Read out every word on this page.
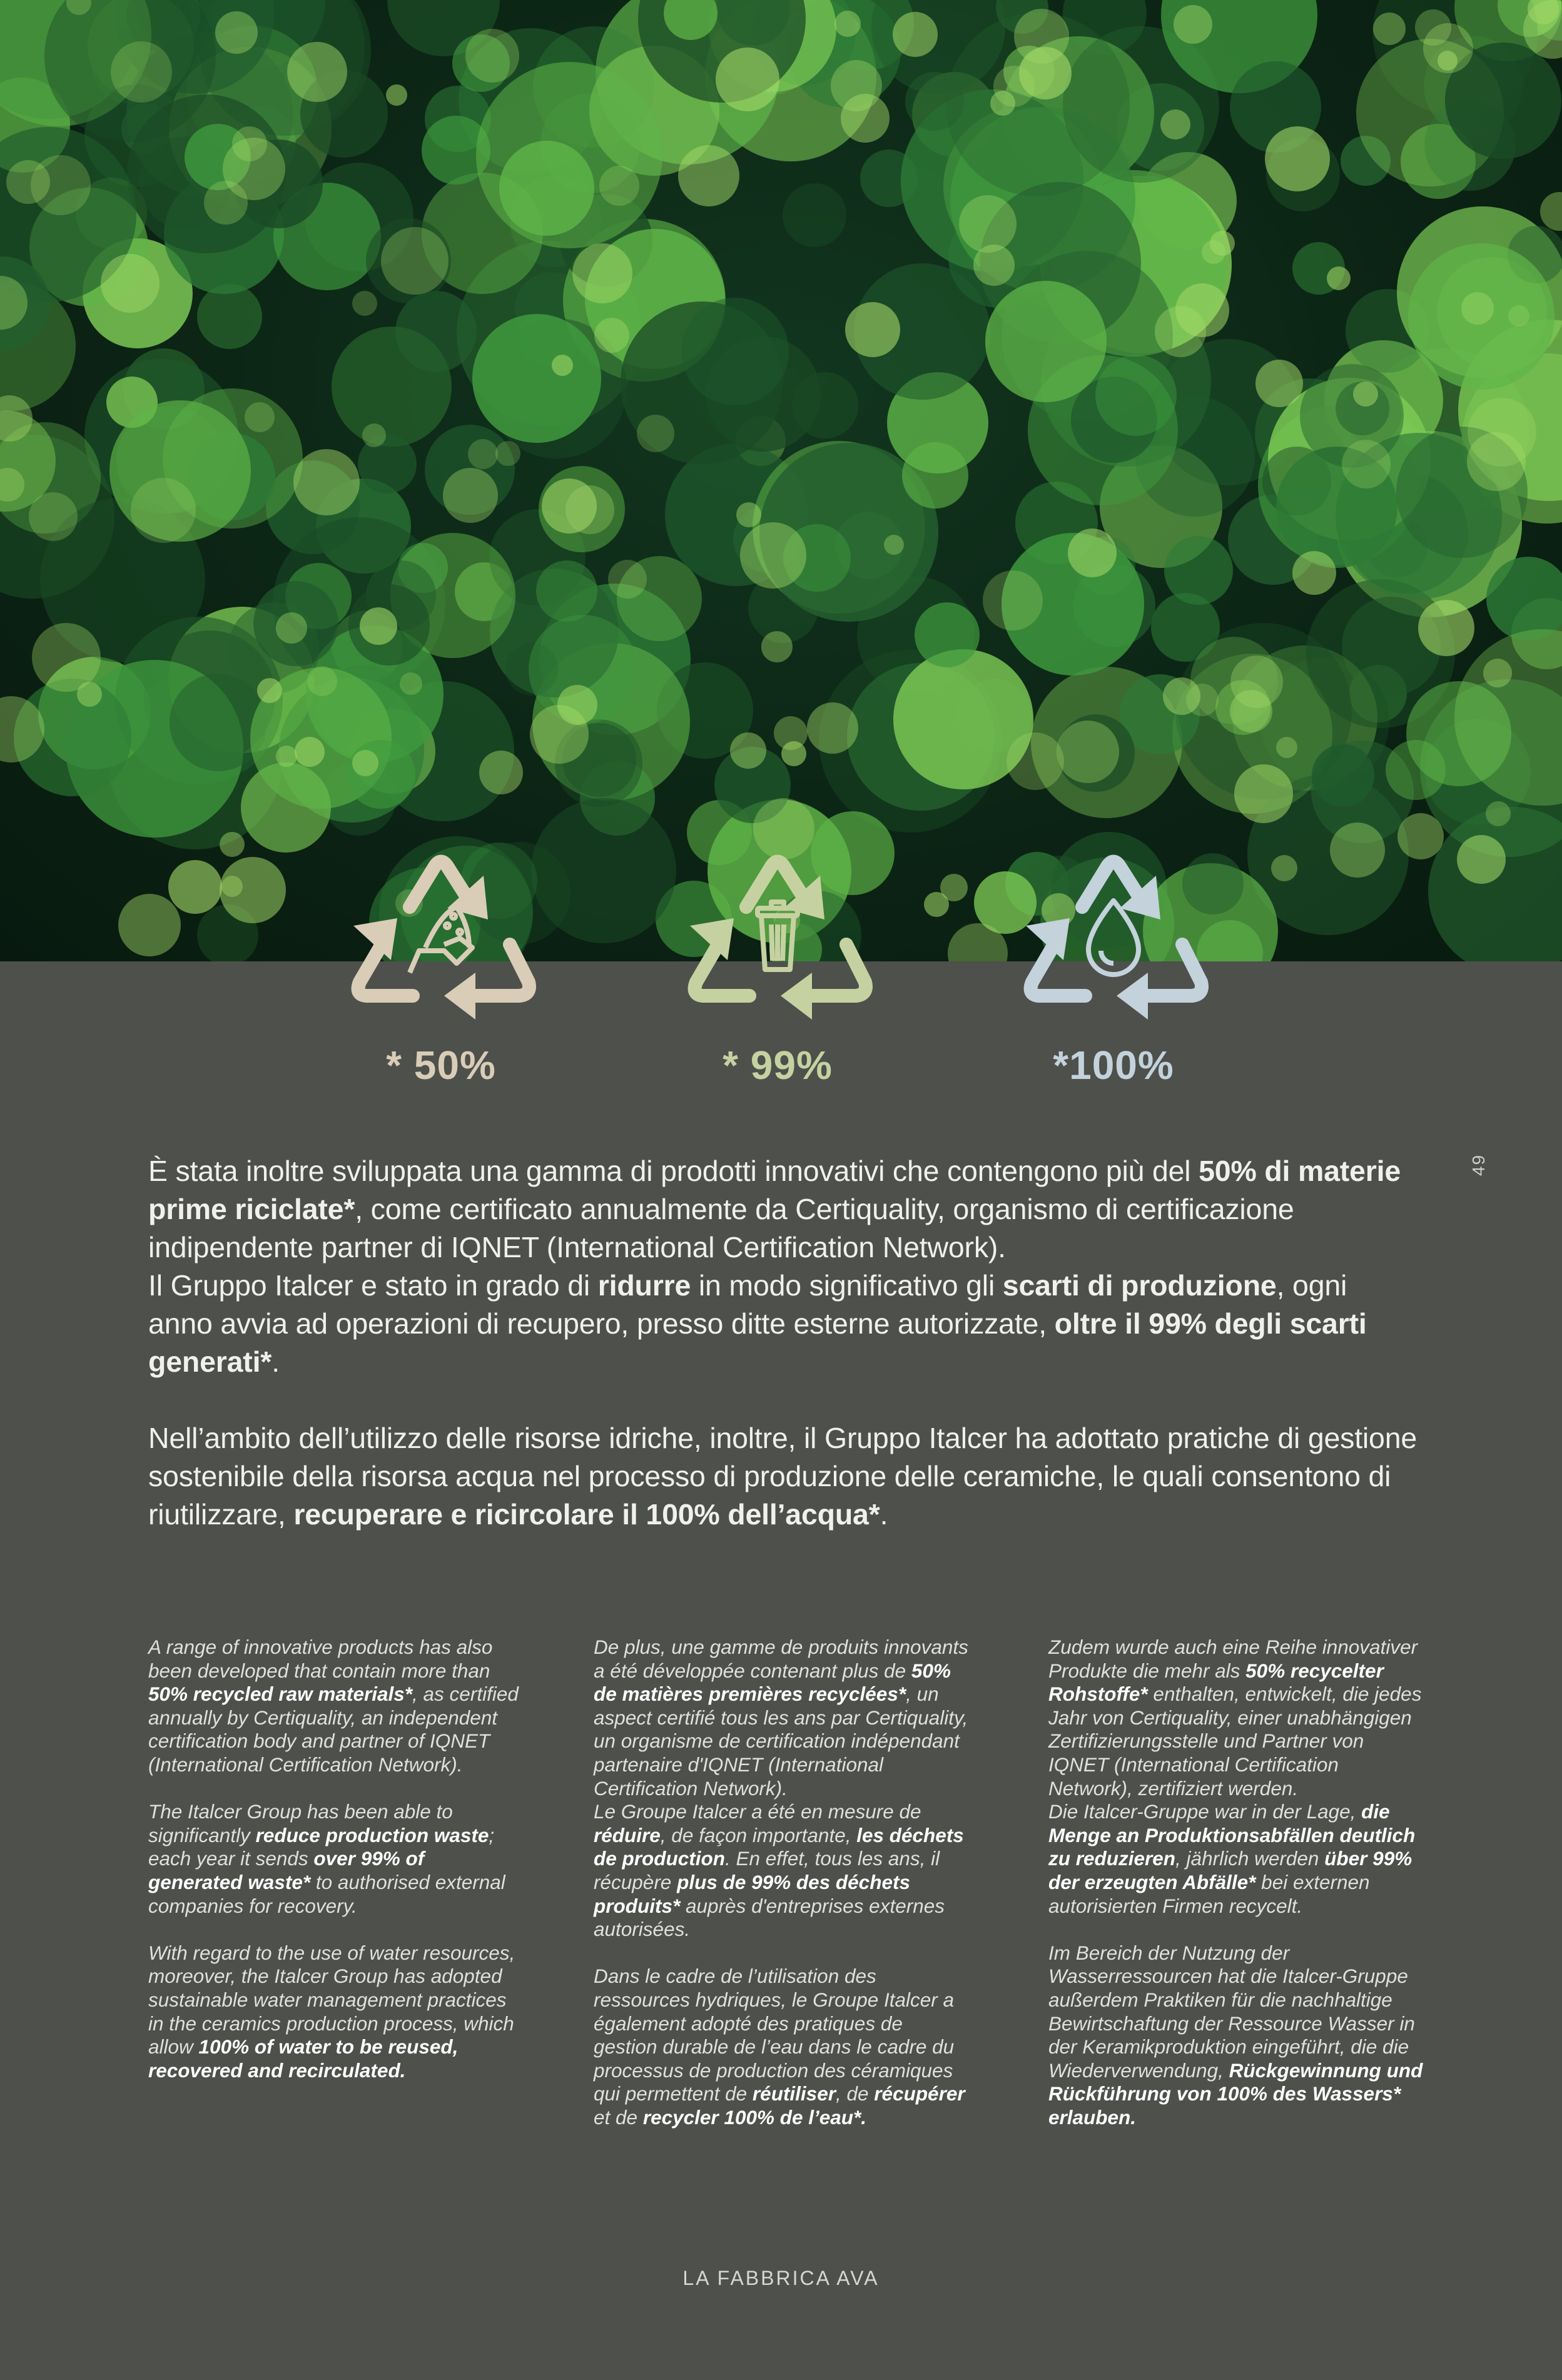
* 50%	* 99%	*100%

È stata inoltre sviluppata una gamma di prodotti innovativi che contengono più del 50% di materie prime riciclate*, come certificato annualmente da Certiquality, organismo di certificazione indipendente partner di IQNET (International Certification Network).
Il Gruppo Italcer e stato in grado di ridurre in modo significativo gli scarti di produzione, ogni anno avvia ad operazioni di recupero, presso ditte esterne autorizzate, oltre il 99% degli scarti generati*.

Nell’ambito dell’utilizzo delle risorse idriche, inoltre, il Gruppo Italcer ha adottato pratiche di gestione sostenibile della risorsa acqua nel processo di produzione delle ceramiche, le quali consentono di riutilizzare, recuperare e ricircolare il 100% dell’acqua*.

49

A range of innovative products has also been developed that contain more than 50% recycled raw materials*, as certified annually by Certiquality, an independent certification body and partner of IQNET (International Certification Network).

The Italcer Group has been able to significantly reduce production waste; each year it sends over 99% of generated waste* to authorised external companies for recovery.

With regard to the use of water resources, moreover, the Italcer Group has adopted sustainable water management practices in the ceramics production process, which allow 100% of water to be reused, recovered and recirculated.

De plus, une gamme de produits innovants a été développée contenant plus de 50% de matières premières recyclées*, un aspect certifié tous les ans par Certiquality, un organisme de certification indépendant partenaire d'IQNET (International Certification Network).
Le Groupe Italcer a été en mesure de réduire, de façon importante, les déchets de production. En effet, tous les ans, il récupère plus de 99% des déchets produits* auprès d'entreprises externes autorisées.

Dans le cadre de l’utilisation des ressources hydriques, le Groupe Italcer a également adopté des pratiques de gestion durable de l’eau dans le cadre du processus de production des céramiques qui permettent de réutiliser, de récupérer et de recycler 100% de l’eau*.

Zudem wurde auch eine Reihe innovativer Produkte die mehr als 50% recycelter Rohstoffe* enthalten, entwickelt, die jedes Jahr von Certiquality, einer unabhängigen Zertifizierungsstelle und Partner von IQNET (International Certification Network), zertifiziert werden.
Die Italcer-Gruppe war in der Lage, die Menge an Produktionsabfällen deutlich zu reduzieren, jährlich werden über 99% der erzeugten Abfälle* bei externen autorisierten Firmen recycelt.

Im Bereich der Nutzung der Wasserressourcen hat die Italcer-Gruppe außerdem Praktiken für die nachhaltige Bewirtschaftung der Ressource Wasser in der Keramikproduktion eingeführt, die die Wiederverwendung, Rückgewinnung und Rückführung von 100% des Wassers* erlauben.

LA FABBRICA AVA
